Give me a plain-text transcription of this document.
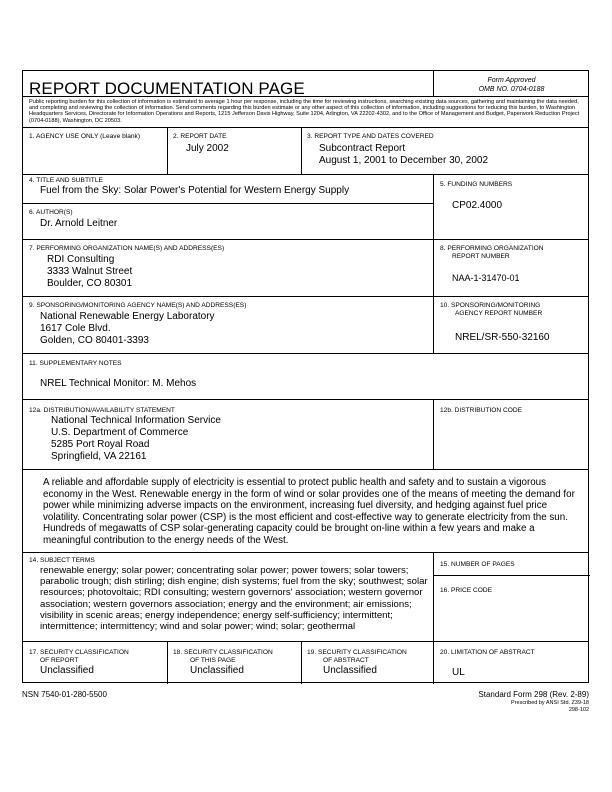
REPORT DOCUMENTATION PAGE	Form Approved
OMB NO. 0704-0188
Public reporting burden for this collection of information is estimated to average 1 hour per response, including the time for reviewing instructions, searching existing data sources, gathering and maintaining the data needed, and completing and reviewing the collection of information. Send comments regarding this burden estimate or any other aspect of this collection of information, including suggestions for reducing this burden, to Washington Headquarters Services, Directorate for Information Operations and Reports, 1215 Jefferson Davis Highway, Suite 1204, Arlington, VA 22202-4302, and to the Office of Management and Budget, Paperwork Reduction Project (0704-0188), Washington, DC 20503.
1. AGENCY USE ONLY (Leave blank)	2. REPORT DATE
July 2002
3. REPORT TYPE AND DATES COVERED
Subcontract Report
August 1, 2001 to December 30, 2002
4. TITLE AND SUBTITLE
Fuel from the Sky: Solar Power's Potential for Western Energy Supply
5. FUNDING NUMBERS
CP02.4000
6. AUTHOR(S)
Dr. Arnold Leitner
7. PERFORMING ORGANIZATION NAME(S) AND ADDRESS(ES)
RDI Consulting
3333 Walnut Street
Boulder, CO 80301
8. PERFORMING ORGANIZATION
REPORT NUMBER
NAA-1-31470-01
9. SPONSORING/MONITORING AGENCY NAME(S) AND ADDRESS(ES)
National Renewable Energy Laboratory
1617 Cole Blvd.
Golden, CO 80401-3393
10. SPONSORING/MONITORING
AGENCY REPORT NUMBER
NREL/SR-550-32160
11. SUPPLEMENTARY NOTES
NREL Technical Monitor: M. Mehos
12a. DISTRIBUTION/AVAILABILITY STATEMENT
National Technical Information Service
U.S. Department of Commerce
5285 Port Royal Road
Springfield, VA 22161
12b. DISTRIBUTION CODE
A reliable and affordable supply of electricity is essential to protect public health and safety and to sustain a vigorous economy in the West. Renewable energy in the form of wind or solar provides one of the means of meeting the demand for power while minimizing adverse impacts on the environment, increasing fuel diversity, and hedging against fuel price volatility. Concentrating solar power (CSP) is the most efficient and cost-effective way to generate electricity from the sun. Hundreds of megawatts of CSP solar-generating capacity could be brought on-line within a few years and make a meaningful contribution to the energy needs of the West.
14. SUBJECT TERMS
renewable energy; solar power; concentrating solar power; power towers; solar towers; parabolic trough; dish stirling; dish engine; dish systems; fuel from the sky; southwest; solar resources; photovoltaic; RDI consulting; western governors' association; western governor association; western governors association; energy and the environment; air emissions; visibility in scenic areas; energy independence; energy self-sufficiency; intermittent; intermittence; intermittency; wind and solar power; wind; solar; geothermal
15. NUMBER OF PAGES
16. PRICE CODE
17. SECURITY CLASSIFICATION
OF REPORT
Unclassified
18. SECURITY CLASSIFICATION
OF THIS PAGE
Unclassified
19. SECURITY CLASSIFICATION
OF ABSTRACT
Unclassified
20. LIMITATION OF ABSTRACT
UL
NSN 7540-01-280-5500	Standard Form 298 (Rev. 2-89)
Prescribed by ANSI Std. Z39-18
298-102
